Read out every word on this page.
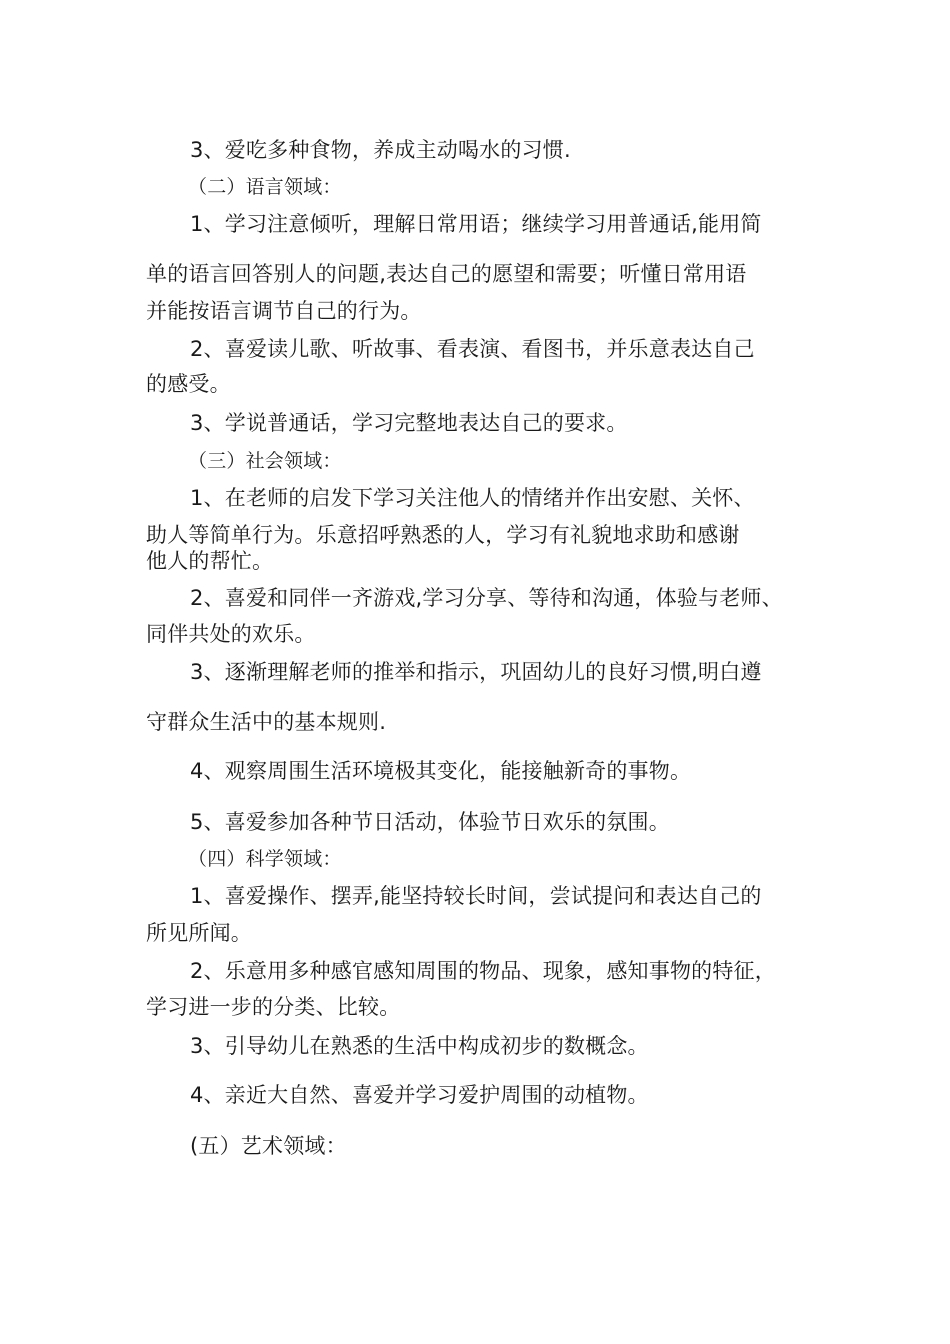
3、爱吃多种食物，养成主动喝水的习惯.
（二）语言领域：
1、学习注意倾听，理解日常用语；继续学习用普通话,能用简
单的语言回答别人的问题,表达自己的愿望和需要；听懂日常用语
并能按语言调节自己的行为。
2、喜爱读儿歌、听故事、看表演、看图书，并乐意表达自己
的感受。
3、学说普通话，学习完整地表达自己的要求。
（三）社会领域：
1、在老师的启发下学习关注他人的情绪并作出安慰、关怀、
助人等简单行为。乐意招呼熟悉的人，学习有礼貌地求助和感谢
他人的帮忙。
2、喜爱和同伴一齐游戏,学习分享、等待和沟通，体验与老师、
同伴共处的欢乐。
3、逐渐理解老师的推举和指示，巩固幼儿的良好习惯,明白遵
守群众生活中的基本规则.
4、观察周围生活环境极其变化，能接触新奇的事物。
5、喜爱参加各种节日活动，体验节日欢乐的氛围。
（四）科学领域：
1、喜爱操作、摆弄,能坚持较长时间，尝试提问和表达自己的
所见所闻。
2、乐意用多种感官感知周围的物品、现象，感知事物的特征，
学习进一步的分类、比较。
3、引导幼儿在熟悉的生活中构成初步的数概念。
4、亲近大自然、喜爱并学习爱护周围的动植物。
(五）艺术领域：
